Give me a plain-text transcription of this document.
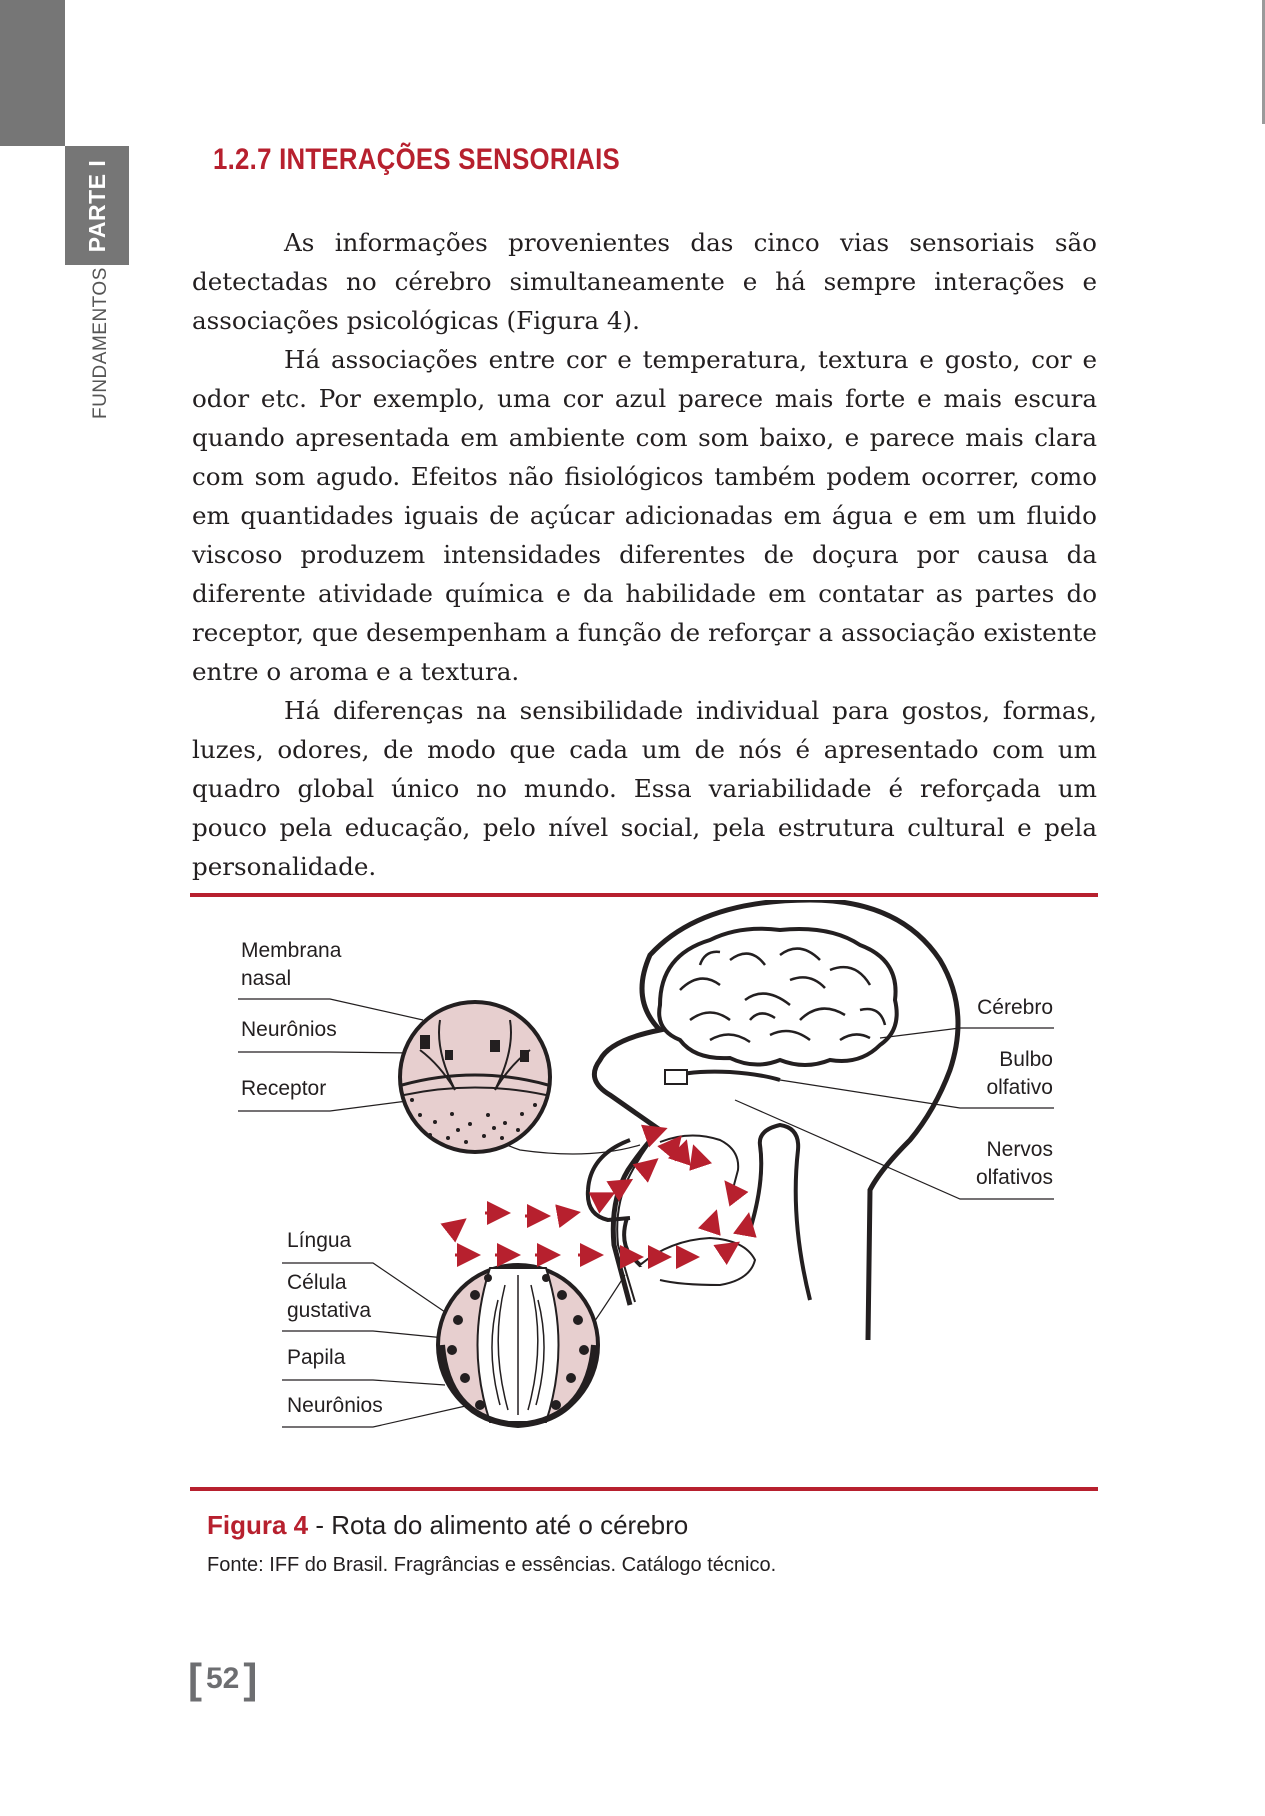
PARTE I
FUNDAMENTOS
1.2.7 INTERAÇÕES SENSORIAIS

As informações provenientes das cinco vias sensoriais são detectadas no cérebro simultaneamente e há sempre interações e associações psicológicas (Figura 4).

Há associações entre cor e temperatura, textura e gosto, cor e odor etc. Por exemplo, uma cor azul parece mais forte e mais escura quando apresentada em ambiente com som baixo, e parece mais clara com som agudo. Efeitos não fisiológicos também podem ocorrer, como em quantidades iguais de açúcar adicionadas em água e em um fluido viscoso produzem intensidades diferentes de doçura por causa da diferente atividade química e da habilidade em contatar as partes do receptor, que desempenham a função de reforçar a associação existente entre o aroma e a textura.

Há diferenças na sensibilidade individual para gostos, formas, luzes, odores, de modo que cada um de nós é apresentado com um quadro global único no mundo. Essa variabilidade é reforçada um pouco pela educação, pelo nível social, pela estrutura cultural e pela personalidade.

Membrana
nasal
Neurônios
Receptor
Língua
Célula
gustativa
Papila
Neurônios
Cérebro
Bulbo
olfativo
Nervos
olfativos
Figura 4 - Rota do alimento até o cérebro
Fonte: IFF do Brasil. Fragrâncias e essências. Catálogo técnico.
[ 52]
